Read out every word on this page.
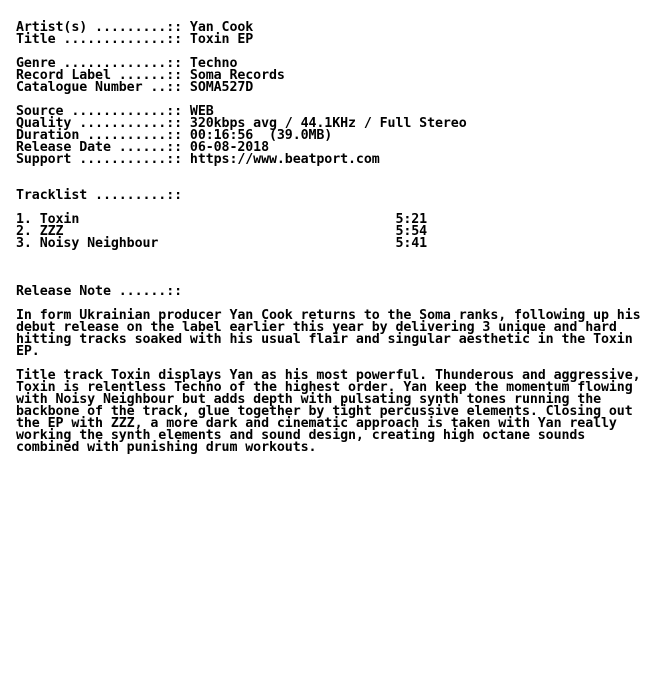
Artist(s) .........:: Yan Cook
Title .............:: Toxin EP
Genre .............:: Techno
Record Label ......:: Soma Records
Catalogue Number ..:: SOMA527D
Source ............:: WEB
Quality ...........:: 320kbps avg / 44.1KHz / Full Stereo
Duration ..........:: 00:16:56  (39.0MB)
Release Date ......:: 06-08-2018
Support ...........:: https://www.beatport.com
Tracklist .........::
1. Toxin                                        5:21
2. ZZZ                                          5:54
3. Noisy Neighbour                              5:41
Release Note ......::
In form Ukrainian producer Yan Cook returns to the Soma ranks, following up his
debut release on the label earlier this year by delivering 3 unique and hard
hitting tracks soaked with his usual flair and singular aesthetic in the Toxin
EP.
Title track Toxin displays Yan as his most powerful. Thunderous and aggressive,
Toxin is relentless Techno of the highest order. Yan keep the momentum flowing
with Noisy Neighbour but adds depth with pulsating synth tones running the
backbone of the track, glue together by tight percussive elements. Closing out
the EP with ZZZ, a more dark and cinematic approach is taken with Yan really
working the synth elements and sound design, creating high octane sounds
combined with punishing drum workouts.
